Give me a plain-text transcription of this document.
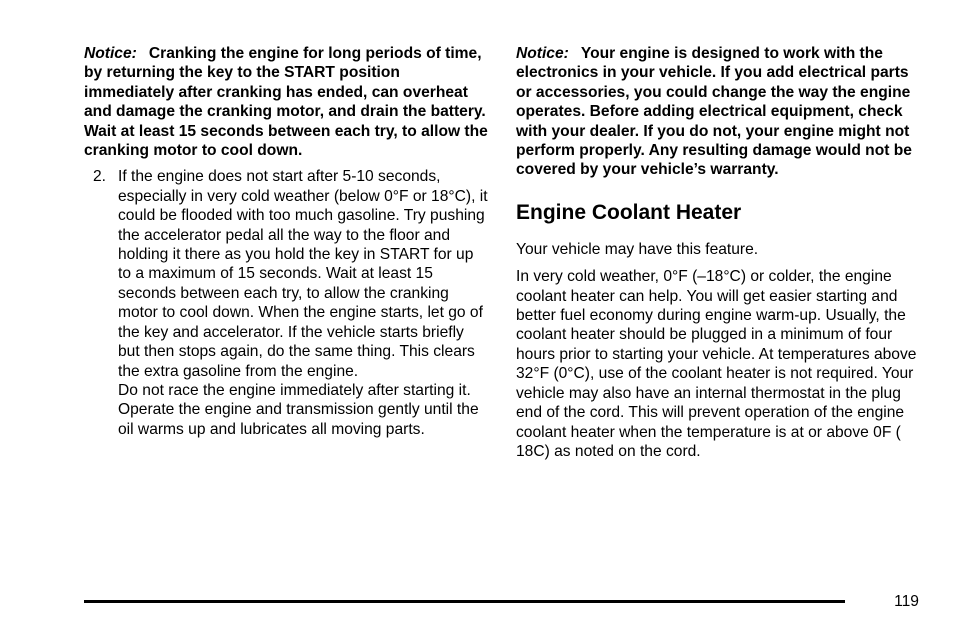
Notice: Cranking the engine for long periods of time, by returning the key to the START position immediately after cranking has ended, can overheat and damage the cranking motor, and drain the battery. Wait at least 15 seconds between each try, to allow the cranking motor to cool down.

2. If the engine does not start after 5-10 seconds, especially in very cold weather (below 0°F or 18°C), it could be flooded with too much gasoline. Try pushing the accelerator pedal all the way to the floor and holding it there as you hold the key in START for up to a maximum of 15 seconds. Wait at least 15 seconds between each try, to allow the cranking motor to cool down. When the engine starts, let go of the key and accelerator. If the vehicle starts briefly but then stops again, do the same thing. This clears the extra gasoline from the engine.

Do not race the engine immediately after starting it. Operate the engine and transmission gently until the oil warms up and lubricates all moving parts.

Notice: Your engine is designed to work with the electronics in your vehicle. If you add electrical parts or accessories, you could change the way the engine operates. Before adding electrical equipment, check with your dealer. If you do not, your engine might not perform properly. Any resulting damage would not be covered by your vehicle’s warranty.

Engine Coolant Heater

Your vehicle may have this feature.

In very cold weather, 0°F (–18°C) or colder, the engine coolant heater can help. You will get easier starting and better fuel economy during engine warm-up. Usually, the coolant heater should be plugged in a minimum of four hours prior to starting your vehicle. At temperatures above 32°F (0°C), use of the coolant heater is not required. Your vehicle may also have an internal thermostat in the plug end of the cord. This will prevent operation of the engine coolant heater when the temperature is at or above 0F ( 18C) as noted on the cord.

119
